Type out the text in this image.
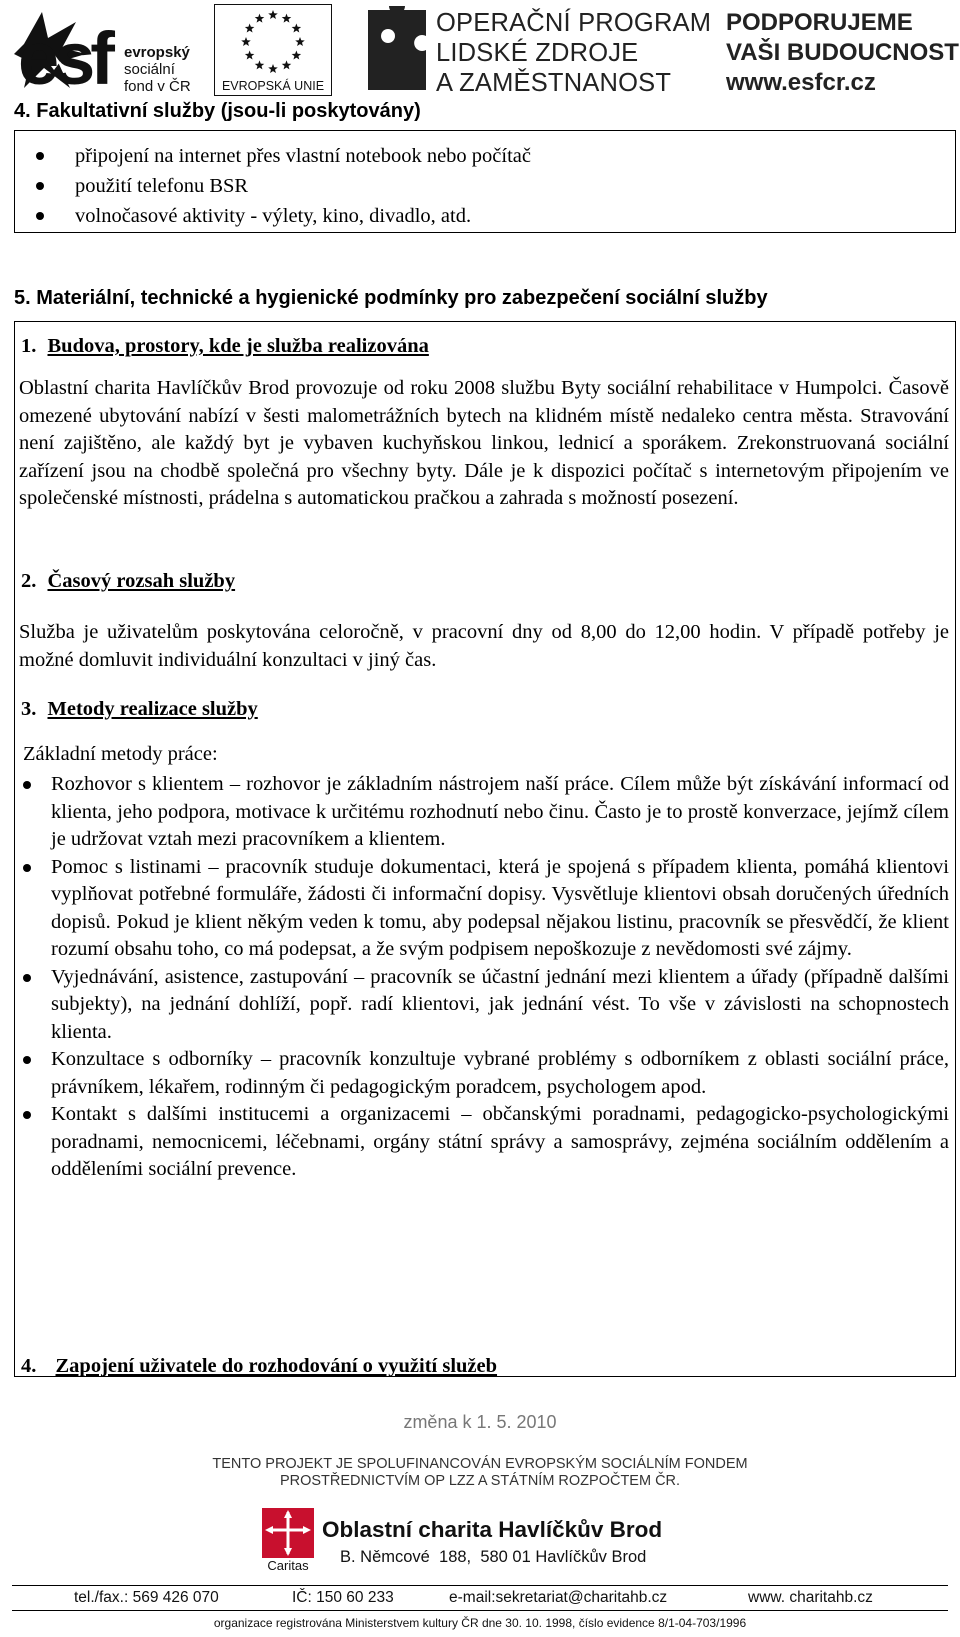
esf evropský
sociální
fond v ČR	EVROPSKÁ UNIE
OPERAČNÍ PROGRAM
LIDSKÉ ZDROJE
A ZAMĚSTNANOST
PODPORUJEME
VAŠI BUDOUCNOST
www.esfcr.cz
4. Fakultativní služby (jsou-li poskytovány)
připojení na internet přes vlastní notebook nebo počítač
použití telefonu BSR
volnočasové aktivity - výlety, kino, divadlo, atd.
5. Materiální, technické a hygienické podmínky pro zabezpečení sociální služby
1. Budova, prostory, kde je služba realizována
Oblastní charita Havlíčkův Brod provozuje od roku 2008 službu Byty sociální rehabilitace v Humpolci. Časově omezené ubytování nabízí v šesti malometrážních bytech na klidném místě nedaleko centra města. Stravování není zajištěno, ale každý byt je vybaven kuchyňskou linkou, lednicí a sporákem. Zrekonstruovaná sociální zařízení jsou na chodbě společná pro všechny byty. Dále je k dispozici počítač s internetovým připojením ve společenské místnosti, prádelna s automatickou pračkou a zahrada s možností posezení.
2. Časový rozsah služby
Služba je uživatelům poskytována celoročně, v pracovní dny od 8,00 do 12,00 hodin. V případě potřeby je možné domluvit individuální konzultaci v jiný čas.
3. Metody realizace služby
Základní metody práce:
Rozhovor s klientem – rozhovor je základním nástrojem naší práce. Cílem může být získávání informací od klienta, jeho podpora, motivace k určitému rozhodnutí nebo činu. Často je to prostě konverzace, jejímž cílem je udržovat vztah mezi pracovníkem a klientem.
Pomoc s listinami – pracovník studuje dokumentaci, která je spojená s případem klienta, pomáhá klientovi vyplňovat potřebné formuláře, žádosti či informační dopisy. Vysvětluje klientovi obsah doručených úředních dopisů. Pokud je klient někým veden k tomu, aby podepsal nějakou listinu, pracovník se přesvědčí, že klient rozumí obsahu toho, co má podepsat, a že svým podpisem nepoškozuje z nevědomosti své zájmy.
Vyjednávání, asistence, zastupování – pracovník se účastní jednání mezi klientem a úřady (případně dalšími subjekty), na jednání dohlíží, popř. radí klientovi, jak jednání vést. To vše v závislosti na schopnostech klienta.
Konzultace s odborníky – pracovník konzultuje vybrané problémy s odborníkem z oblasti sociální práce, právníkem, lékařem, rodinným či pedagogickým poradcem, psychologem apod.
Kontakt s dalšími institucemi a organizacemi – občanskými poradnami, pedagogicko-psychologickými poradnami, nemocnicemi, léčebnami, orgány státní správy a samosprávy, zejména sociálním oddělením a odděleními sociální prevence.
4. Zapojení uživatele do rozhodování o využití služeb
změna k 1. 5. 2010
TENTO PROJEKT JE SPOLUFINANCOVÁN EVROPSKÝM SOCIÁLNÍM FONDEM
PROSTŘEDNICTVÍM OP LZZ A STÁTNÍM ROZPOČTEM ČR.
Caritas
Oblastní charita Havlíčkův Brod
B. Němcové  188,  580 01 Havlíčkův Brod
tel./fax.: 569 426 070	IČ: 150 60 233	e-mail:sekretariat@charitahb.cz	www. charitahb.cz
organizace registrována Ministerstvem kultury ČR dne 30. 10. 1998, číslo evidence 8/1-04-703/1996
